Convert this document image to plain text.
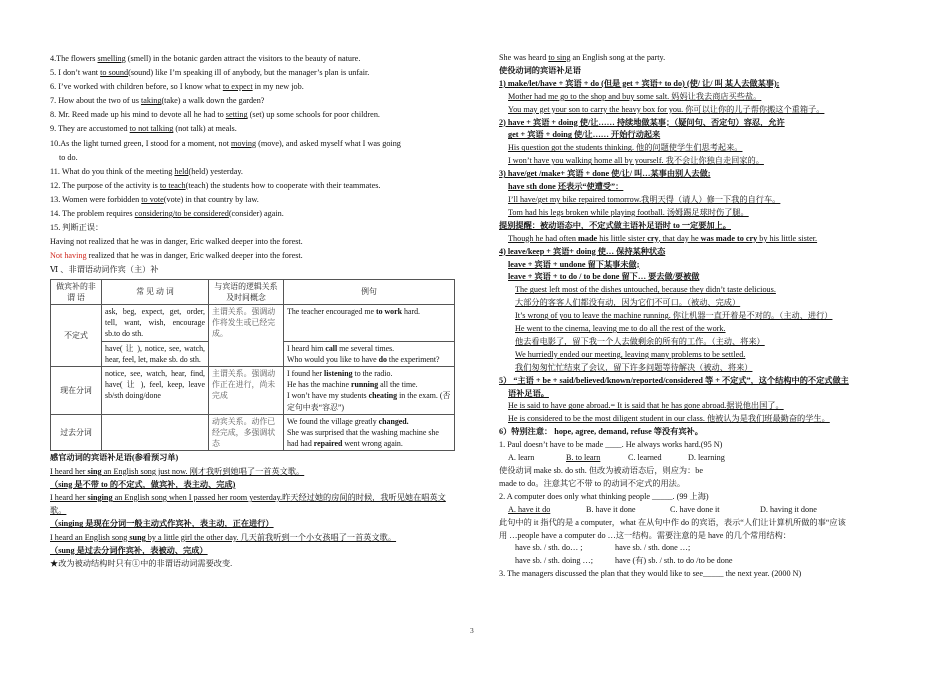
4.The flowers smelling (smell) in the botanic garden attract the visitors to the beauty of nature.
5. I don’t want to sound(sound) like I’m speaking ill of anybody, but the manager’s plan is unfair.
6. I’ve worked with children before, so I know what to expect in my new job.
7. How about the two of us taking(take) a walk down the garden?
8. Mr. Reed made up his mind to devote all he had to setting (set) up some schools for poor children.
9. They are accustomed to not talking (not talk) at meals.
10.As the light turned green, I stood for a moment, not moving (move), and asked myself what I was going
to do.
11. What do you think of the meeting held(held) yesterday.
12. The purpose of the activity is to teach(teach) the students how to cooperate with their teammates.
13. Women were forbidden to vote(vote) in that country by law.
14. The problem requires considering/to be considered(consider) again.
15. 判断正误：
Having not realized that he was in danger, Eric walked deeper into the forest.
Not having realized that he was in danger, Eric walked deeper into the forest.
Ⅵ 、非谓语动词作宾（主）补
做宾补的非 谓 语	常 见 动 词	与宾语的逻辑关系及时间概念	例句
不定式	ask, beg, expect, get, order, tell, want, wish, encourage sb.to do sth.	主谓关系。强调动作将发生或已经完成。	The teacher encouraged me to work hard.
	have( 让 ), notice, see, watch, hear, feel, let, make sb. do sth.		I heard him call me several times.
Who would you like to have do the experiment?
现在分词	notice, see, watch, hear, find, have( 让 ), feel, keep, leave sb/sth doing/done	主谓关系。强调动作正在进行，尚未完成	I found her listening to the radio.
He has the machine running all the time.
I won’t have my students cheating in the exam. (否定句中表“容忍”)
过去分词		动宾关系。动作已经完成，多强调状态	We found the village greatly changed.
She was surprised that the washing machine she had had repaired went wrong again.
感官动词的宾语补足语(参看预习单)
I heard her sing an English song just now. 刚才我听到她唱了一首英文歌。
（sing 是不带 to 的不定式，做宾补，表主动、完成)
I heard her singing an English song when I passed her room yesterday.昨天经过她的房间的时候，我听见她在唱英文歌。
（singing 是现在分词一般主动式作宾补，表主动，正在进行）
I heard an English song sung by a little girl the other day. 几天前我听到一个小女孩唱了一首英文歌。
（sung 是过去分词作宾补，表被动、完成）
★改为被动结构时只有①中的非谓语动词需要改变.
She was heard to sing an English song at the party.
使役动词的宾语补足语
1) make/let/have + 宾语 + do (但是 get + 宾语+ to do) (使/ 让/ 叫 某人去做某事);
Mother had me go to the shop and buy some salt. 妈妈让我去商店买些盐。
You may get your son to carry the heavy box for you. 你可以让你的儿子帮你搬这个重箱子。
2) have + 宾语 + doing 使/让…… 持续地做某事；（疑问句、否定句）容忍，允许
get + 宾语 + doing 使/让…… 开始行动起来
His question got the students thinking. 他的问题使学生们思考起来。
I won’t have you walking home all by yourself. 我不会让你独自走回家的。
3) have/get /make+ 宾语 + done 使/让/ 叫…某事由别人去做;
have sth done 还表示“使遭受”：
I’ll have/get my bike repaired tomorrow.我明天得（请人）修一下我的自行车。
Tom had his legs broken while playing football. 汤姆踢足球时伤了腿。
提别提醒：被动语态中，不定式做主语补足语时 to 一定要加上。
Though he had often made his little sister cry, that day he was made to cry by his little sister.
4) leave/keep + 宾语+ doing 使… 保持某种状态
leave + 宾语 + undone 留下某事未做;
leave + 宾语 + to do / to be done 留下… 要去做/要被做
The guest left most of the dishes untouched, because they didn’t taste delicious.
大部分的客客人们都没有动，因为它们不可口。（被动、完成）
It’s wrong of you to leave the machine running. 你让机器一直开着是不对的。（主动、进行）
He went to the cinema, leaving me to do all the rest of the work.
他去看电影了，留下我一个人去做剩余的所有的工作。（主动、将来）
We hurriedly ended our meeting, leaving many problems to be settled.
我们匆匆忙忙结束了会议，留下许多问题等待解决（被动、将来）
5） “主语 + be + said/believed/known/reported/considered 等 + 不定式”，这个结构中的不定式做主
语补足语。
He is said to have gone abroad.= It is said that he has gone abroad.据说他出国了。
He is considered to be the most diligent student in our class. 他被认为是我们班最勤奋的学生。
6）特别注意： hope, agree, demand, refuse 等没有宾补。
1. Paul doesn’t have to be made ____. He always works hard.(95 N)
A. learn	B. to learn	C. learned	D. learning
使役动词 make sb. do sth. 但改为被动语态后，则应为：be
made to do。注意其它不带 to 的动词不定式的用法。
2. A computer does only what thinking people _____. (99 上海)
A. have it do	B. have it done	C. have done it	D. having it done
此句中的 it 指代的是 a computer，what 在从句中作 do 的宾语，表示“人们让计算机所做的事“应该
用 …people have a computer do …这一结构。需要注意的是 have 的几个常用结构：
have sb. / sth. do… ;	have sb. / sth. done …;
have sb. / sth. doing …;	have (有) sb. / sth. to do /to be done
3. The managers discussed the plan that they would like to see_____ the next year. (2000 N)
3
